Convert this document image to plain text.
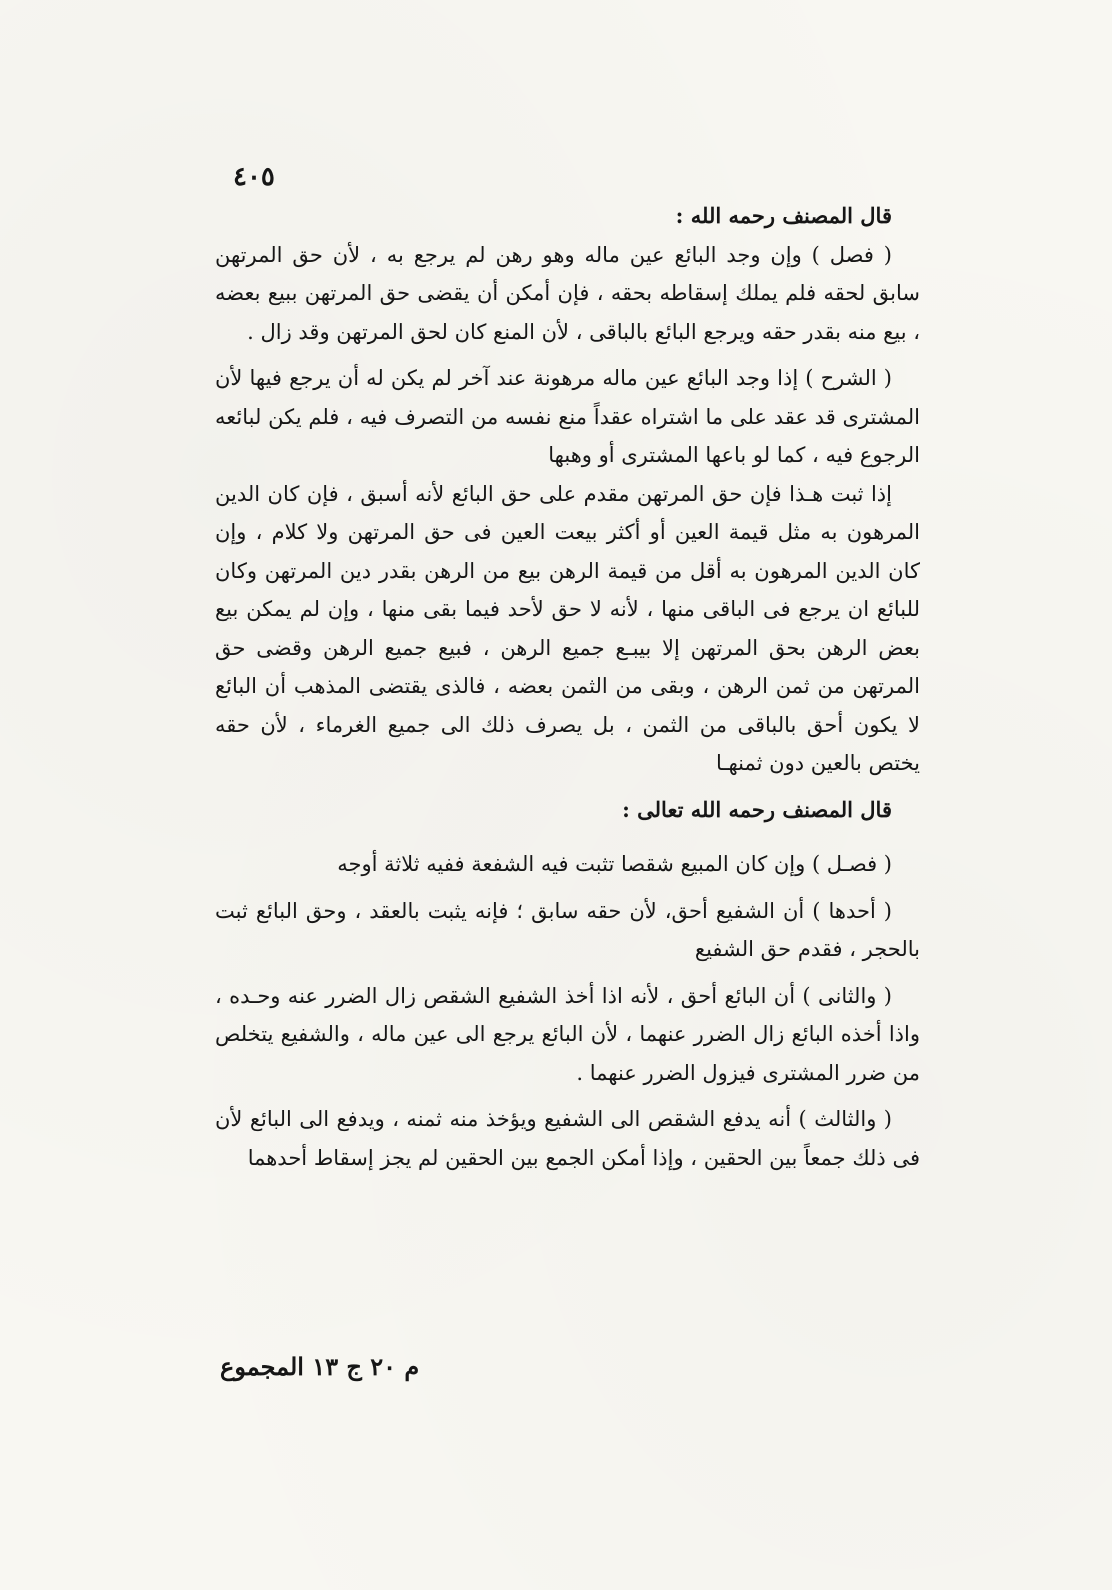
٤٠٥

قال المصنف رحمه الله :

( فصل ) وإن وجد البائع عين ماله وهو رهن لم يرجع به ، لأن حق المرتهن سابق لحقه فلم يملك إسقاطه بحقه ، فإن أمكن أن يقضى حق المرتهن ببيع بعضه ، بيع منه بقدر حقه ويرجع البائع بالباقى ، لأن المنع كان لحق المرتهن وقد زال .

( الشرح ) إذا وجد البائع عين ماله مرهونة عند آخر لم يكن له أن يرجع فيها لأن المشترى قد عقد على ما اشتراه عقداً منع نفسه من التصرف فيه ، فلم يكن لبائعه الرجوع فيه ، كما لو باعها المشترى أو وهبها

إذا ثبت هـذا فإن حق المرتهن مقدم على حق البائع لأنه أسبق ، فإن كان الدين المرهون به مثل قيمة العين أو أكثر بيعت العين فى حق المرتهن ولا كلام ، وإن كان الدين المرهون به أقل من قيمة الرهن بيع من الرهن بقدر دين المرتهن وكان للبائع ان يرجع فى الباقى منها ، لأنه لا حق لأحد فيما بقى منها ، وإن لم يمكن بيع بعض الرهن بحق المرتهن إلا بيبـع جميع الرهن ، فبيع جميع الرهن وقضى حق المرتهن من ثمن الرهن ، وبقى من الثمن بعضه ، فالذى يقتضى المذهب أن البائع لا يكون أحق بالباقى من الثمن ، بل يصرف ذلك الى جميع الغرماء ، لأن حقه يختص بالعين دون ثمنهـا

قال المصنف رحمه الله تعالى :

( فصـل ) وإن كان المبيع شقصا تثبت فيه الشفعة ففيه ثلاثة أوجه

( أحدها ) أن الشفيع أحق، لأن حقه سابق ؛ فإنه يثبت بالعقد ، وحق البائع ثبت بالحجر ، فقدم حق الشفيع

( والثانى ) أن البائع أحق ، لأنه اذا أخذ الشفيع الشقص زال الضرر عنه وحـده ، واذا أخذه البائع زال الضرر عنهما ، لأن البائع يرجع الى عين ماله ، والشفيع يتخلص من ضرر المشترى فيزول الضرر عنهما .

( والثالث ) أنه يدفع الشقص الى الشفيع ويؤخذ منه ثمنه ، ويدفع الى البائع لأن فى ذلك جمعاً بين الحقين ، وإذا أمكن الجمع بين الحقين لم يجز إسقاط أحدهما

م ٢٠ ج ١٣ المجموع
